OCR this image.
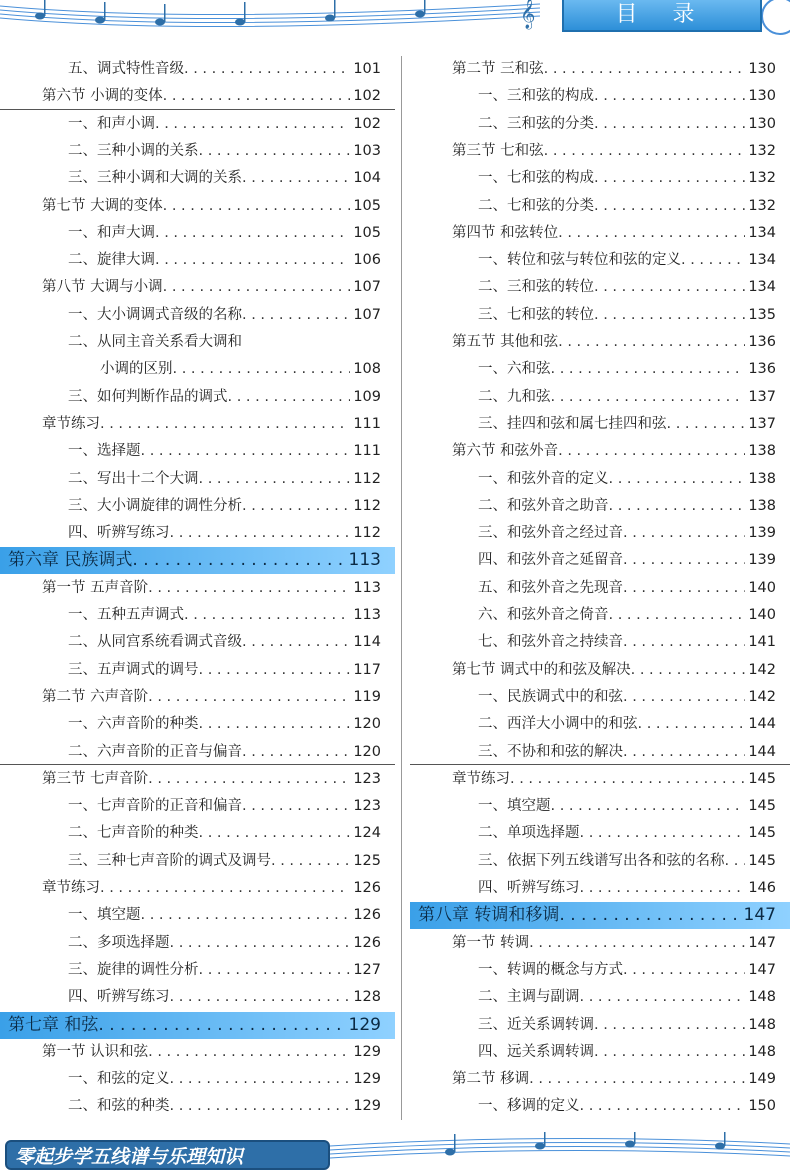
𝄞	目 录
五、调式特性音级 . . .	101
第六节 小调的变体 . . .	102
一、和声小调 . . .	102
二、三种小调的关系 . . .	103
三、三种小调和大调的关系 . . .	104
第七节 大调的变体 . . .	105
一、和声大调 . . .	105
二、旋律大调 . . .	106
第八节 大调与小调 . . .	107
一、大小调调式音级的名称 . . .	107
二、从同主音关系看大调和
小调的区别 . . .	108
三、如何判断作品的调式 . . .	109
章节练习 . . .	111
一、选择题 . . .	111
二、写出十二个大调 . . .	112
三、大小调旋律的调性分析 . . .	112
四、听辨写练习 . . .	112
第六章 民族调式 . . .	113
第一节 五声音阶 . . .	113
一、五种五声调式 . . .	113
二、从同宫系统看调式音级 . . .	114
三、五声调式的调号 . . .	117
第二节 六声音阶 . . .	119
一、六声音阶的种类 . . .	120
二、六声音阶的正音与偏音 . . .	120
第三节 七声音阶 . . .	123
一、七声音阶的正音和偏音 . . .	123
二、七声音阶的种类 . . .	124
三、三种七声音阶的调式及调号 . . .	125
章节练习 . . .	126
一、填空题 . . .	126
二、多项选择题 . . .	126
三、旋律的调性分析 . . .	127
四、听辨写练习 . . .	128
第七章 和弦 . . .	129
第一节 认识和弦 . . .	129
一、和弦的定义 . . .	129
二、和弦的种类 . . .	129
第二节 三和弦 . . .	130
一、三和弦的构成 . . .	130
二、三和弦的分类 . . .	130
第三节 七和弦 . . .	132
一、七和弦的构成 . . .	132
二、七和弦的分类 . . .	132
第四节 和弦转位 . . .	134
一、转位和弦与转位和弦的定义 . . .	134
二、三和弦的转位 . . .	134
三、七和弦的转位 . . .	135
第五节 其他和弦 . . .	136
一、六和弦 . . .	136
二、九和弦 . . .	137
三、挂四和弦和属七挂四和弦 . . .	137
第六节 和弦外音 . . .	138
一、和弦外音的定义 . . .	138
二、和弦外音之助音 . . .	138
三、和弦外音之经过音 . . .	139
四、和弦外音之延留音 . . .	139
五、和弦外音之先现音 . . .	140
六、和弦外音之倚音 . . .	140
七、和弦外音之持续音 . . .	141
第七节 调式中的和弦及解决 . . .	142
一、民族调式中的和弦 . . .	142
二、西洋大小调中的和弦 . . .	144
三、不协和和弦的解决 . . .	144
章节练习 . . .	145
一、填空题 . . .	145
二、单项选择题 . . .	145
三、依据下列五线谱写出各和弦的名称 . . . 145
四、听辨写练习 . . .	146
第八章 转调和移调 . . .	147
第一节 转调 . . .	147
一、转调的概念与方式 . . .	147
二、主调与副调 . . .	148
三、近关系调转调 . . .	148
四、远关系调转调 . . .	148
第二节 移调 . . .	149
一、移调的定义 . . .	150
零起步学五线谱与乐理知识
